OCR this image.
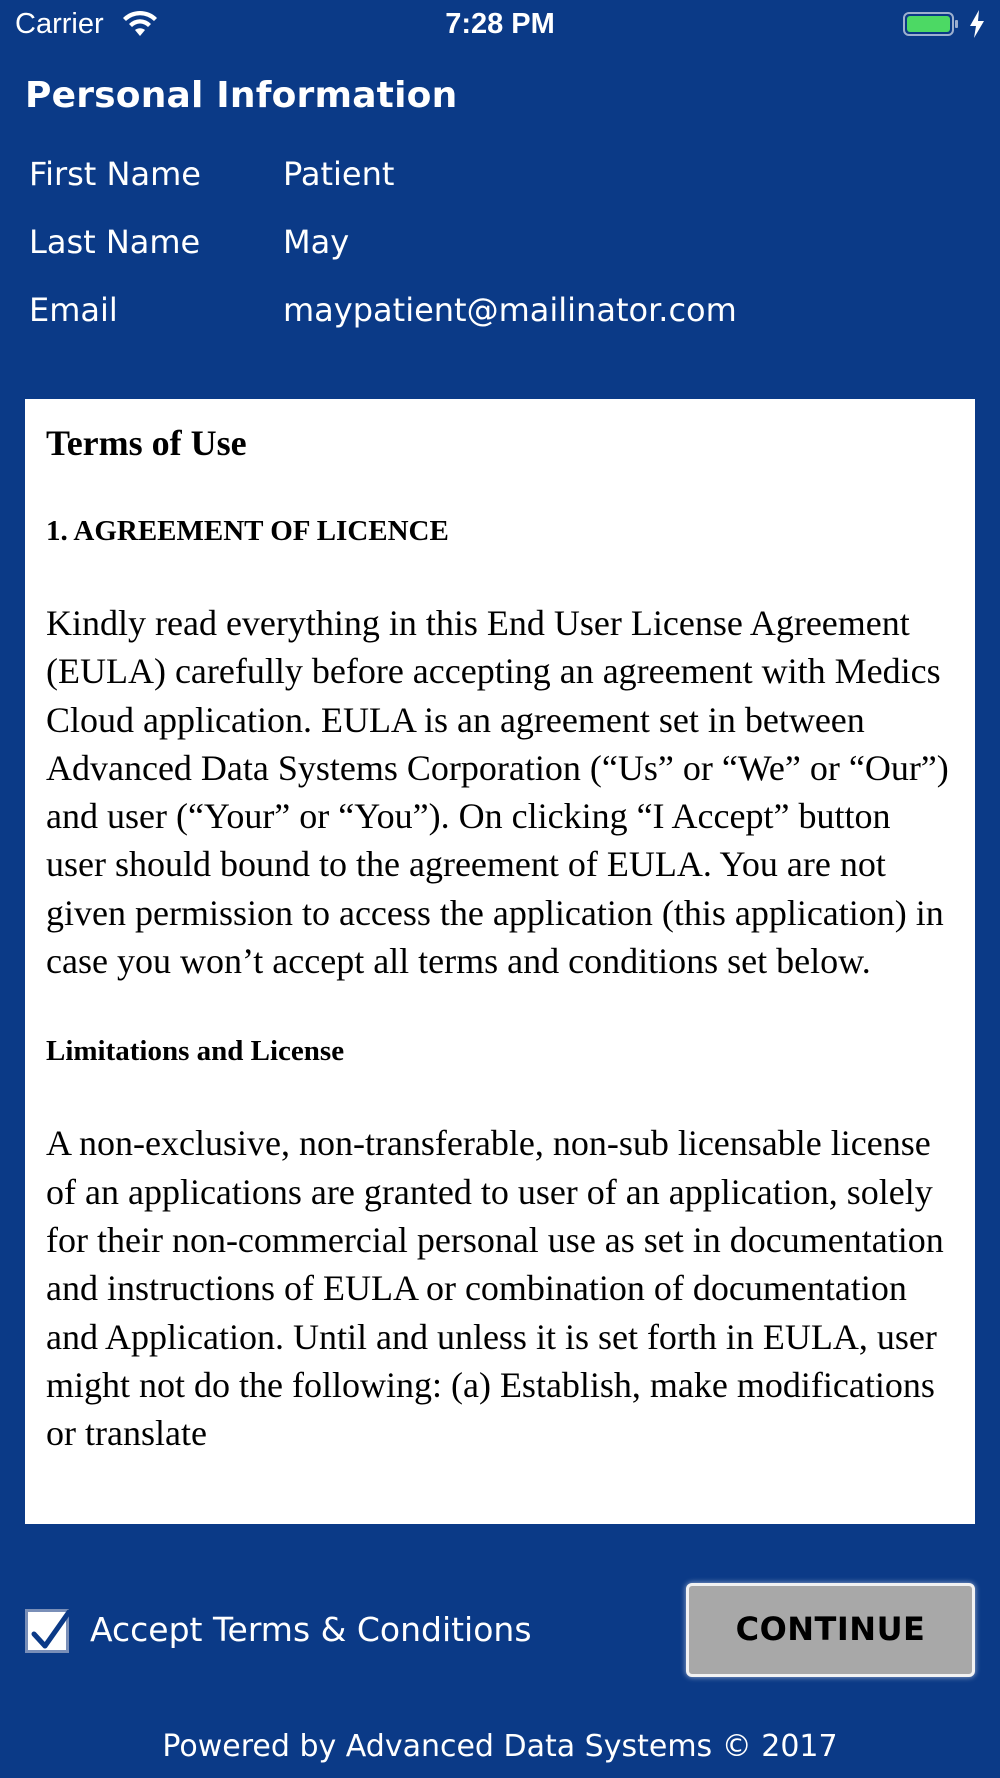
Carrier	7:28 PM
Personal Information
First Name	Patient
Last Name	May
Email	maypatient@mailinator.com
Terms of Use
1. AGREEMENT OF LICENCE

Kindly read everything in this End User License Agreement (EULA) carefully before accepting an agreement with Medics Cloud application. EULA is an agreement set in between Advanced Data Systems Corporation (“Us” or “We” or “Our”) and user (“Your” or “You”). On clicking “I Accept” button user should bound to the agreement of EULA. You are not given permission to access the application (this application) in case you won’t accept all terms and conditions set below.

Limitations and License

A non-exclusive, non-transferable, non-sub licensable license of an applications are granted to user of an application, solely for their non-commercial personal use as set in documentation and instructions of EULA or combination of documentation and Application. Until and unless it is set forth in EULA, user might not do the following: (a) Establish, make modifications or translate

Accept Terms & Conditions	CONTINUE
Powered by Advanced Data Systems © 2017
